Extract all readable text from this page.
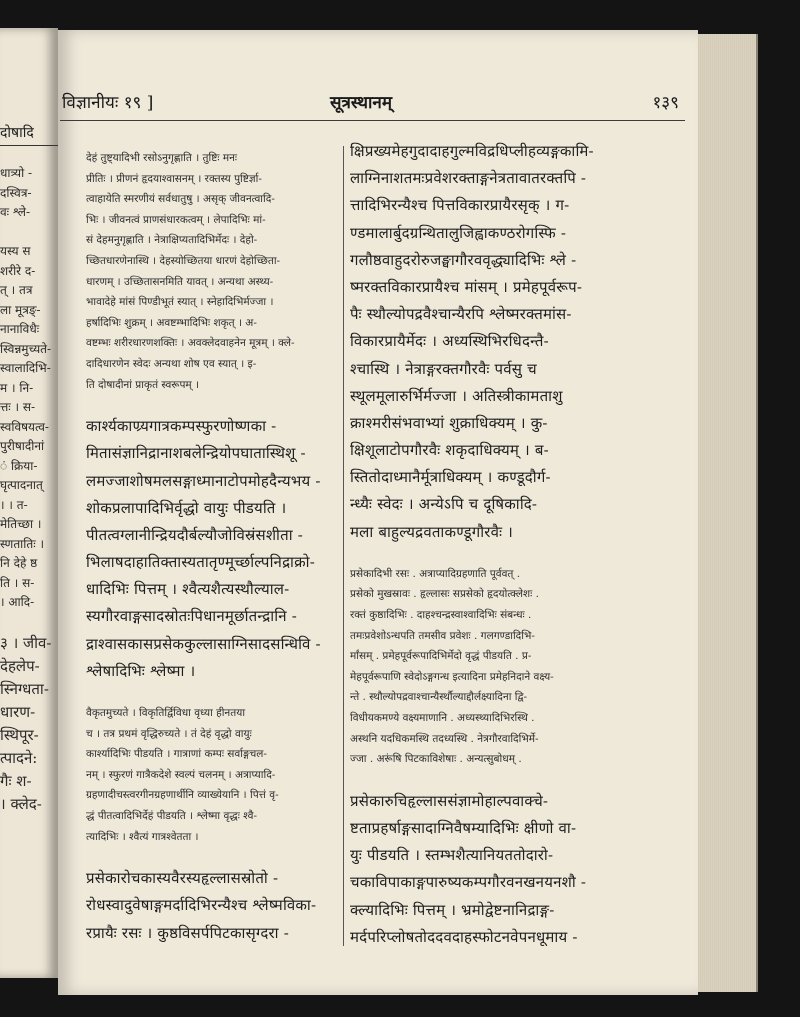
दोषादि
धात्र्यो -
दस्वित्र-
वः श्ले-
यस्य स
शरीरे द-
त् । तत्र
ला मूत्रङ्-
नानाविधैः
स्विन्नमुच्यते-
स्वालादिभि-
म । नि-
त्तः । स-
स्वविषयत्व-
पुरीषादीनां
ं क्रिया-
घृत्पादनात्
। । त-
मेतिच्छा ।
स्णतातिः ।
नि देहे ष्ठ
ति । स-
। आदि-
३ । जीव-
देहलेप-
स्निग्धता-
धारण-
स्थिपूर-
त्पादने:
गैः श-
। क्लेद-
विज्ञानीयः १९ ]	सूत्रस्थानम्	१३९
देहं तुष्ट्यादिभी रसोऽनुगृह्णाति । तुष्टिः मनः
प्रीतिः । प्रीणनं हृदयाश्वासनम् । रक्तस्य पुष्टिर्ज्ञा-
त्वाहायेति स्मरणीयं सर्वधातुषु । असृक् जीवनत्वादि-
भिः । जीवनत्वं प्राणसंधारकत्वम् । लेपादिभिः मां-
सं देहमनुगृह्णाति । नेत्राक्षिप्यतादिभिर्मेदः । देहो-
च्छितधारणेनास्थि । देहस्योच्छितया धारणं देहोच्छिता-
धारणम् । उच्छितासनमिति यावत् । अन्यथा अस्थ्य-
भावादेहे मांसं पिण्डीभूतं स्यात् । स्नेहादिभिर्मज्जा ।
हर्षादिभिः शुक्रम् । अवष्टम्भादिभिः शकृत् । अ-
वष्टम्भः शरीरधारणशक्तिः । अवक्लेदवाहनेन मूत्रम् । क्ले-
दादिधारणेन स्वेदः अन्यथा शोष एव स्यात् । इ-
ति दोषादीनां प्राकृतं स्वरूपम् ।
कार्श्यकाण्र्यगात्रकम्पस्फुरणोष्णका -
मितासंज्ञानिद्रानाशबलेन्द्रियोपघातास्थिशू -
लमज्जाशोषमलसङ्गाध्मानाटोपमोहदैन्यभय -
शोकप्रलापादिभिर्वृद्धो वायुः पीडयति ।
पीतत्वग्लानीन्द्रियदौर्बल्यौजोविस्रंसशीता -
भिलाषदाहातिक्तास्यतातृण्मूर्च्छाल्पनिद्राक्रो-
धादिभिः पित्तम् । श्वैत्यशैत्यस्थौल्याल-
स्यगौरवाङ्गसादस्रोतःपिधानमूर्छातन्द्रानि -
द्राश्वासकासप्रसेककुल्लासाग्निसादसन्धिवि -
श्लेषादिभिः श्लेष्मा ।
वैकृतमुच्यते । विकृतिर्द्विविधा वृध्या हीनतया
च । तत्र प्रथमं वृद्धिरुच्यते । तं देहं वृद्धो वायुः
कार्श्यादिभिः पीडयति । गात्राणां कम्पः सर्वाङ्गचल-
नम् । स्फुरणं गात्रैकदेशे स्वल्पं चलनम् । अत्राप्यादि-
ग्रहणादीचस्त्वरगीनग्रहणार्थीनि व्याख्येयानि । पित्तं वृ-
द्धं पीतत्वादिभिर्देहं पीडयति । श्लेष्मा वृद्धः श्वै-
त्यादिभिः । श्वैत्यं गात्रश्वेतता ।
प्रसेकारोचकास्यवैरस्यहृल्लासस्रोतो -
रोधस्वादुवेषाङ्गमर्दादिभिरन्यैश्च श्लेष्मविका-
रप्रायैः रसः । कुष्ठविसर्पपिटकासृग्दरा -
क्षिप्रख्यमेहगुदादाहगुल्मविद्रधिप्लीहव्यङ्गकामि-
लाग्निनाशतमःप्रवेशरक्ताङ्गनेत्रतावातरक्तपि -
त्तादिभिरन्यैश्च पित्तविकारप्रायैरसृक् । ग-
ण्डमालार्बुदग्रन्थितालुजिह्वाकण्ठरोगस्फि -
गलौष्ठवाहुदरोरुजङ्घागौरववृद्ध्यादिभिः श्ले -
ष्मरक्तविकारप्रायैश्च मांसम् । प्रमेहपूर्वरूप-
पैः स्थौल्योपद्रवैश्चान्यैरपि श्लेष्मरक्तमांस-
विकारप्रायैर्मेदः । अध्यस्थिभिरधिदन्तै-
श्चास्थि । नेत्राङ्गरक्तगौरवैः पर्वसु च
स्थूलमूलारुर्भिर्मज्जा । अतिस्त्रीकामताशु
क्राश्मरीसंभवाभ्यां शुक्राधिक्यम् । कु-
क्षिशूलाटोपगौरवैः शकृदाधिक्यम् । ब-
स्तितोदाध्मानैर्मूत्राधिक्यम् । कण्डूदौर्ग-
न्ध्यैः स्वेदः । अन्येऽपि च दूषिकादि-
मला बाहुल्यद्रवताकण्डूगौरवैः ।
प्रसेकादिभी रसः . अत्राप्यादिग्रहणाति पूर्ववत् .
प्रसेको मुखस्रावः . हृल्लासः सप्रसेको हृदयोत्क्लेशः .
रक्तं कुष्ठादिभिः . दाहश्चन्द्रस्वाश्वादिभिः संबन्धः .
तमःप्रवेशोऽन्धपति तमसीव प्रवेशः . गलगण्डादिभि-
र्मांसम् . प्रमेहपूर्वरूपादिभिर्मेदो वृद्धं पीडयति . प्र-
मेहपूर्वरूपाणि स्वेदोऽङ्गगन्ध इत्यादिना प्रमेहनिदाने वक्ष्य-
न्ते . स्थौल्योपद्रवाश्चान्यैर्स्थौल्याद्दौर्लक्ष्यादिना द्वि-
विधीयकमण्ये वक्ष्यमाणानि . अध्यस्थ्यादिभिरस्थि .
अस्थनि यदधिकमस्थि तदध्यस्थि . नेत्रगौरवादिभिर्मे-
ज्जा . अरूंषि पिटकाविशेषाः . अन्यत्सुबोधम् .
प्रसेकारुचिहृल्लाससंज्ञामोहाल्पवाक्चे-
ष्टताप्रहर्षाङ्गसादाग्निवैषम्यादिभिः क्षीणो वा-
युः पीडयति । स्तम्भशैत्यानियततोदारो-
चकाविपाकाङ्गपारुष्यकम्पगौरवनखनयनशौ -
क्ल्यादिभिः पित्तम् । भ्रमोद्वेष्टनानिद्राङ्ग-
मर्दपरिप्लोषतोददवदाहस्फोटनवेपनधूमाय -
